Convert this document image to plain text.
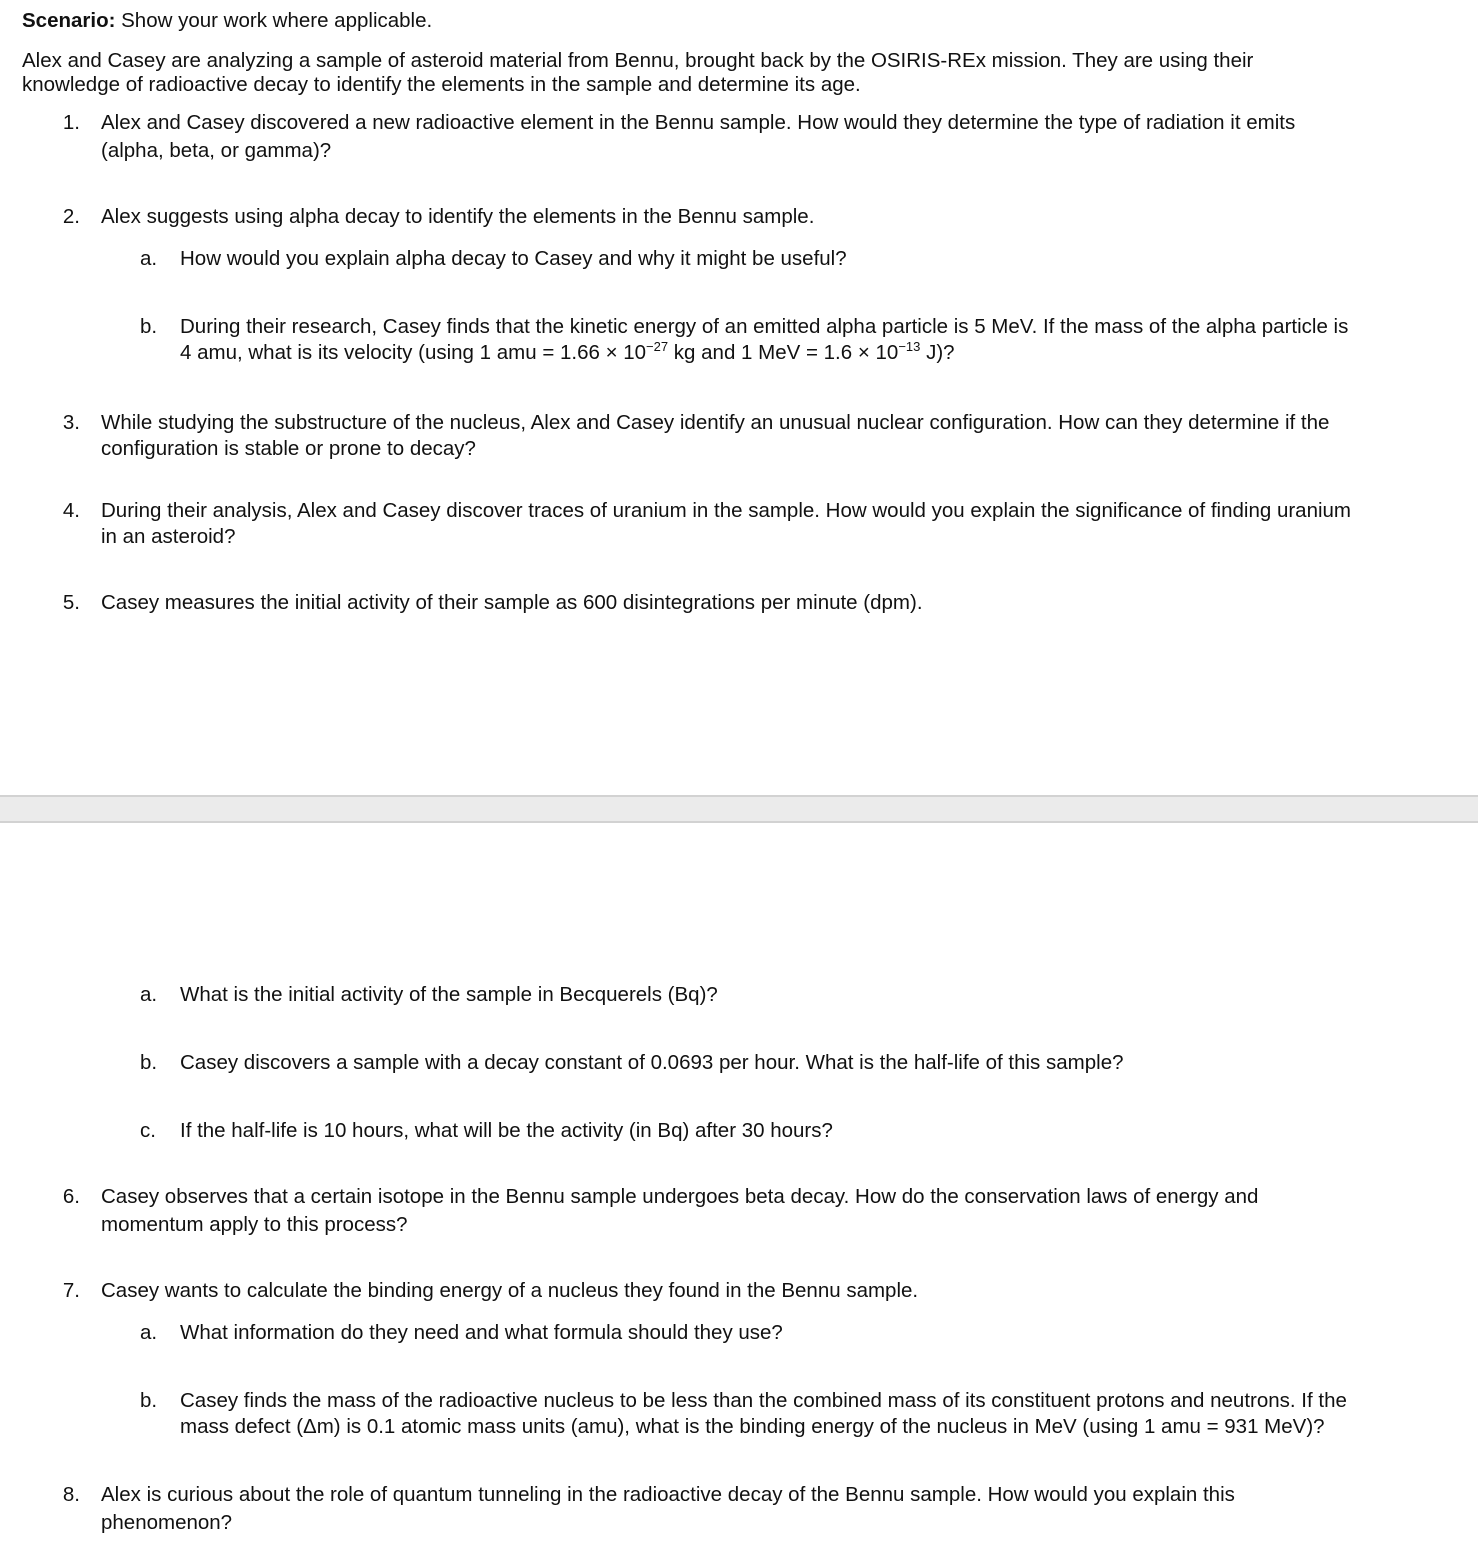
Scenario: Show your work where applicable.
Alex and Casey are analyzing a sample of asteroid material from Bennu, brought back by the OSIRIS-REx mission. They are using their
knowledge of radioactive decay to identify the elements in the sample and determine its age.
1. Alex and Casey discovered a new radioactive element in the Bennu sample. How would they determine the type of radiation it emits
(alpha, beta, or gamma)?
2. Alex suggests using alpha decay to identify the elements in the Bennu sample.
a. How would you explain alpha decay to Casey and why it might be useful?
b. During their research, Casey finds that the kinetic energy of an emitted alpha particle is 5 MeV. If the mass of the alpha particle is
4 amu, what is its velocity (using 1 amu = $1.66 \times 10^{-27}$ kg and 1 MeV = $1.6 \times 10^{-13}$ J)?
3. While studying the substructure of the nucleus, Alex and Casey identify an unusual nuclear configuration. How can they determine if the
configuration is stable or prone to decay?
4. During their analysis, Alex and Casey discover traces of uranium in the sample. How would you explain the significance of finding uranium
in an asteroid?
5. Casey measures the initial activity of their sample as 600 disintegrations per minute (dpm).
a. What is the initial activity of the sample in Becquerels (Bq)?
b. Casey discovers a sample with a decay constant of 0.0693 per hour. What is the half-life of this sample?
c. If the half-life is 10 hours, what will be the activity (in Bq) after 30 hours?
6. Casey observes that a certain isotope in the Bennu sample undergoes beta decay. How do the conservation laws of energy and
momentum apply to this process?
7. Casey wants to calculate the binding energy of a nucleus they found in the Bennu sample.
a. What information do they need and what formula should they use?
b. Casey finds the mass of the radioactive nucleus to be less than the combined mass of its constituent protons and neutrons. If the
mass defect (Δm) is 0.1 atomic mass units (amu), what is the binding energy of the nucleus in MeV (using 1 amu = 931 MeV)?
8. Alex is curious about the role of quantum tunneling in the radioactive decay of the Bennu sample. How would you explain this
phenomenon?
